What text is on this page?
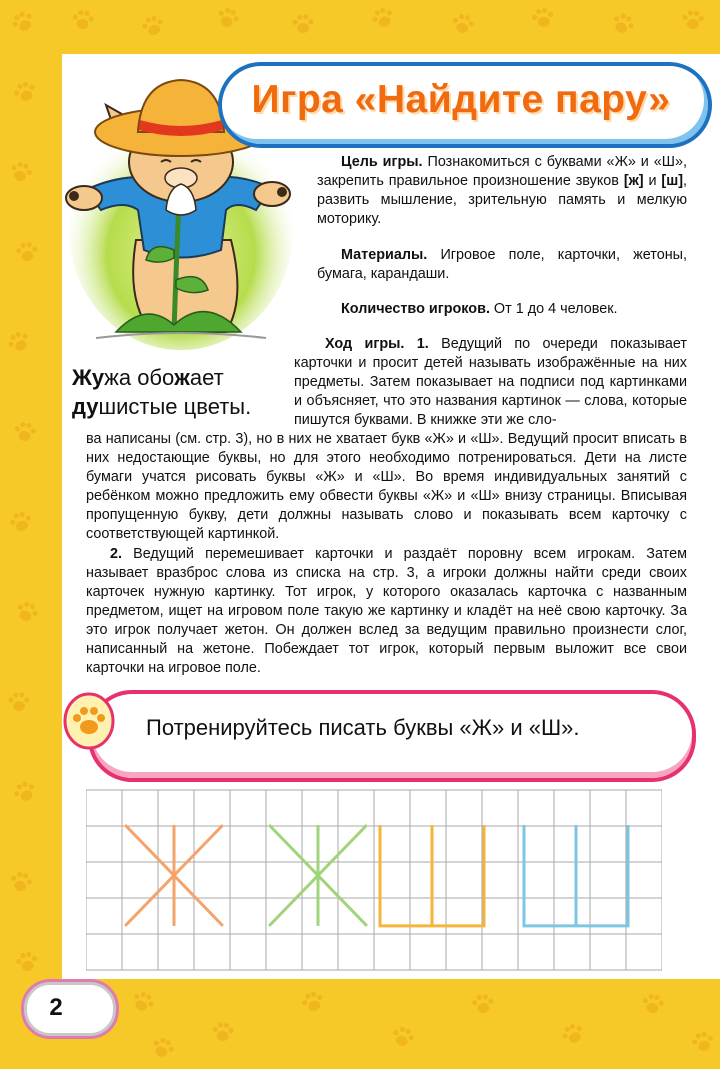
Игра «Найдите пару»
Жужа обожает душистые цветы.

Цель игры. Познакомиться с буквами «Ж» и «Ш», закрепить правильное произношение звуков [ж] и [ш], развить мышление, зрительную память и мелкую моторику.

Материалы. Игровое поле, карточки, жетоны, бумага, карандаши.

Количество игроков. От 1 до 4 человек.

Ход игры. 1. Ведущий по очереди показывает карточки и просит детей называть изображённые на них предметы. Затем показывает на подписи под картинками и объясняет, что это названия картинок — слова, которые пишутся буквами. В книжке эти же сло-

ва написаны (см. стр. 3), но в них не хватает букв «Ж» и «Ш». Ведущий просит вписать в них недостающие буквы, но для этого необходимо потренироваться. Дети на листе бумаги учатся рисовать буквы «Ж» и «Ш». Во время индивидуальных занятий с ребёнком можно предложить ему обвести буквы «Ж» и «Ш» внизу страницы. Вписывая пропущенную букву, дети должны называть слово и показывать всем карточку с соответствующей картинкой.

2. Ведущий перемешивает карточки и раздаёт поровну всем игрокам. Затем называет вразброс слова из списка на стр. 3, а игроки должны найти среди своих карточек нужную картинку. Тот игрок, у которого оказалась карточка с названным предметом, ищет на игровом поле такую же картинку и кладёт на неё свою карточку. За это игрок получает жетон. Он должен вслед за ведущим правильно произнести слог, написанный на жетоне. Побеждает тот игрок, который первым выложит все свои карточки на игровое поле.

Потренируйтесь писать буквы «Ж» и «Ш».
2
